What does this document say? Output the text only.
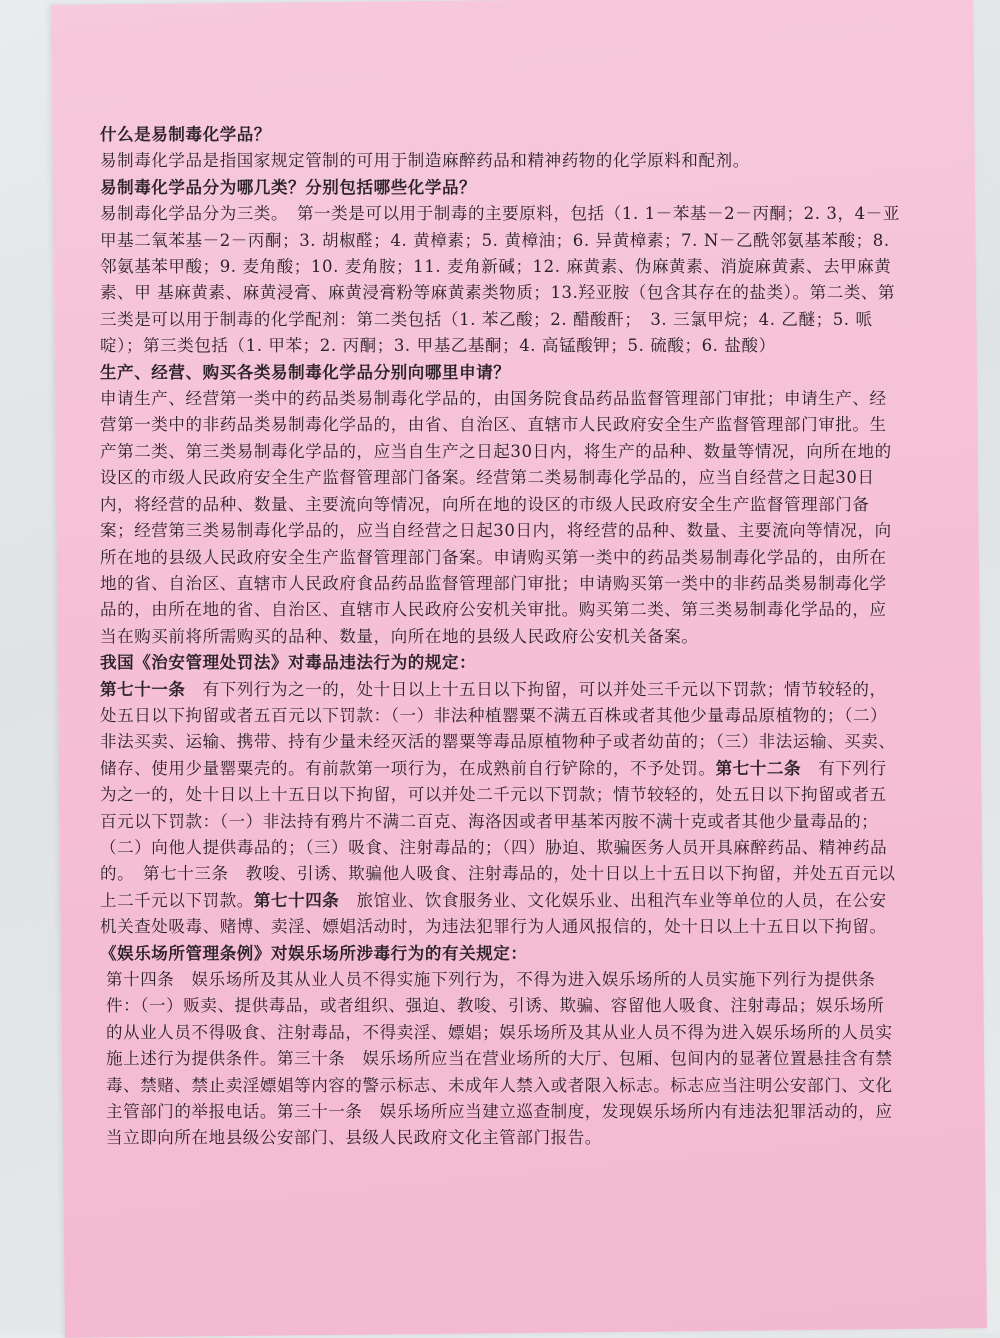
什么是易制毒化学品？

易制毒化学品是指国家规定管制的可用于制造麻醉药品和精神药物的化学原料和配剂。

易制毒化学品分为哪几类？分别包括哪些化学品？

易制毒化学品分为三类。　第一类是可以用于制毒的主要原料，包括（1. 1－苯基－2－丙酮；2. 3，4－亚甲基二氧苯基－2－丙酮；3. 胡椒醛；4. 黄樟素；5. 黄樟油；6. 异黄樟素；7. N－乙酰邻氨基苯酸；8. 邻氨基苯甲酸；9. 麦角酸；10. 麦角胺；11. 麦角新碱；12. 麻黄素、伪麻黄素、消旋麻黄素、去甲麻黄素、甲 基麻黄素、麻黄浸膏、麻黄浸膏粉等麻黄素类物质；13.羟亚胺（包含其存在的盐类）。第二类、第三类是可以用于制毒的化学配剂：第二类包括（1. 苯乙酸；2. 醋酸酐；　3. 三氯甲烷；4. 乙醚；5. 哌啶）；第三类包括（1. 甲苯；2. 丙酮；3. 甲基乙基酮；4. 高锰酸钾；5. 硫酸；6. 盐酸）

生产、经营、购买各类易制毒化学品分别向哪里申请？

申请生产、经营第一类中的药品类易制毒化学品的，由国务院食品药品监督管理部门审批；申请生产、经营第一类中的非药品类易制毒化学品的，由省、自治区、直辖市人民政府安全生产监督管理部门审批。生产第二类、第三类易制毒化学品的，应当自生产之日起30日内，将生产的品种、数量等情况，向所在地的设区的市级人民政府安全生产监督管理部门备案。经营第二类易制毒化学品的，应当自经营之日起30日内，将经营的品种、数量、主要流向等情况，向所在地的设区的市级人民政府安全生产监督管理部门备案；经营第三类易制毒化学品的，应当自经营之日起30日内，将经营的品种、数量、主要流向等情况，向所在地的县级人民政府安全生产监督管理部门备案。申请购买第一类中的药品类易制毒化学品的，由所在地的省、自治区、直辖市人民政府食品药品监督管理部门审批；申请购买第一类中的非药品类易制毒化学品的，由所在地的省、自治区、直辖市人民政府公安机关审批。购买第二类、第三类易制毒化学品的，应当在购买前将所需购买的品种、数量，向所在地的县级人民政府公安机关备案。

我国《治安管理处罚法》对毒品违法行为的规定：

第七十一条　有下列行为之一的，处十日以上十五日以下拘留，可以并处三千元以下罚款；情节较轻的，处五日以下拘留或者五百元以下罚款：（一）非法种植罂粟不满五百株或者其他少量毒品原植物的；（二）非法买卖、运输、携带、持有少量未经灭活的罂粟等毒品原植物种子或者幼苗的；（三）非法运输、买卖、储存、使用少量罂粟壳的。有前款第一项行为，在成熟前自行铲除的，不予处罚。第七十二条　有下列行为之一的，处十日以上十五日以下拘留，可以并处二千元以下罚款；情节较轻的，处五日以下拘留或者五百元以下罚款：（一）非法持有鸦片不满二百克、海洛因或者甲基苯丙胺不满十克或者其他少量毒品的；（二）向他人提供毒品的；（三）吸食、注射毒品的；（四）胁迫、欺骗医务人员开具麻醉药品、精神药品的。　第七十三条　教唆、引诱、欺骗他人吸食、注射毒品的，处十日以上十五日以下拘留，并处五百元以上二千元以下罚款。第七十四条　旅馆业、饮食服务业、文化娱乐业、出租汽车业等单位的人员，在公安机关查处吸毒、赌博、卖淫、嫖娼活动时，为违法犯罪行为人通风报信的，处十日以上十五日以下拘留。

《娱乐场所管理条例》对娱乐场所涉毒行为的有关规定：

第十四条　娱乐场所及其从业人员不得实施下列行为，不得为进入娱乐场所的人员实施下列行为提供条件：（一）贩卖、提供毒品，或者组织、强迫、教唆、引诱、欺骗、容留他人吸食、注射毒品；娱乐场所的从业人员不得吸食、注射毒品，不得卖淫、嫖娼；娱乐场所及其从业人员不得为进入娱乐场所的人员实施上述行为提供条件。第三十条　娱乐场所应当在营业场所的大厅、包厢、包间内的显著位置悬挂含有禁毒、禁赌、禁止卖淫嫖娼等内容的警示标志、未成年人禁入或者限入标志。标志应当注明公安部门、文化主管部门的举报电话。第三十一条　娱乐场所应当建立巡查制度，发现娱乐场所内有违法犯罪活动的，应当立即向所在地县级公安部门、县级人民政府文化主管部门报告。
